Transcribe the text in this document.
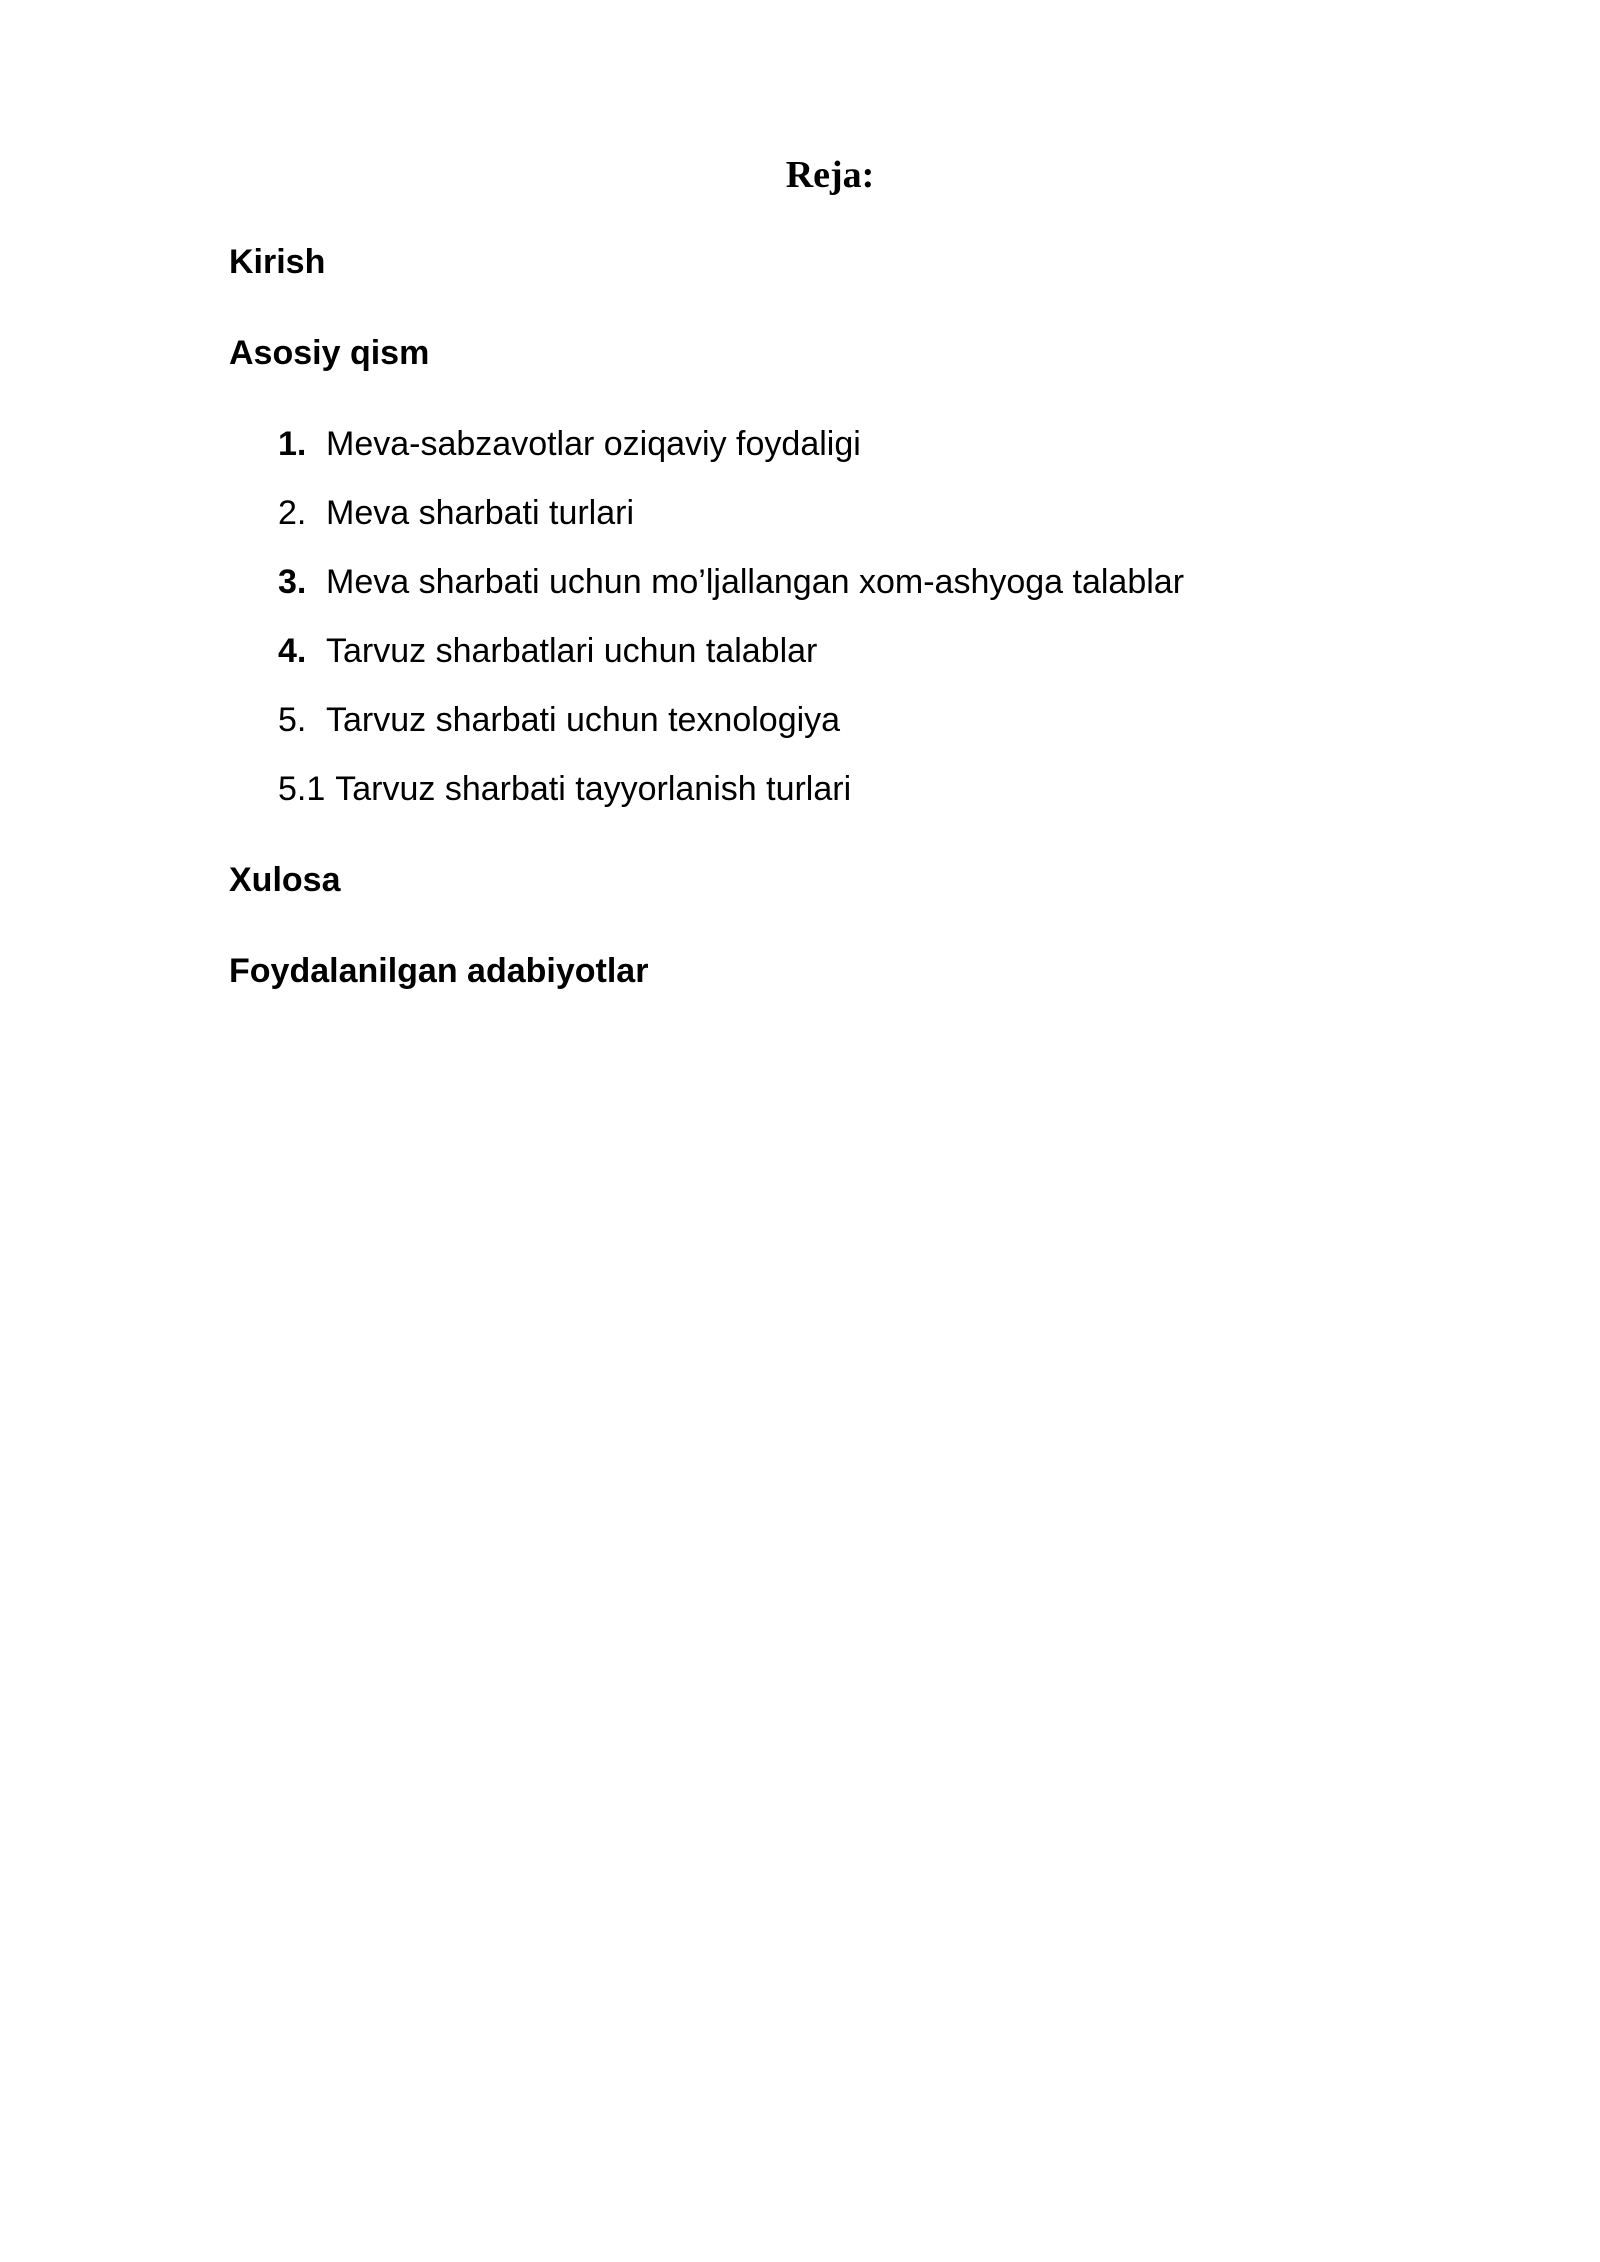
Reja:
Kirish
Asosiy qism
1. Meva-sabzavotlar oziqaviy foydaligi
2. Meva sharbati turlari
3. Meva sharbati uchun mo’ljallangan xom-ashyoga talablar
4. Tarvuz sharbatlari uchun talablar
5. Tarvuz sharbati uchun texnologiya
5.1 Tarvuz sharbati tayyorlanish turlari
Xulosa
Foydalanilgan adabiyotlar
